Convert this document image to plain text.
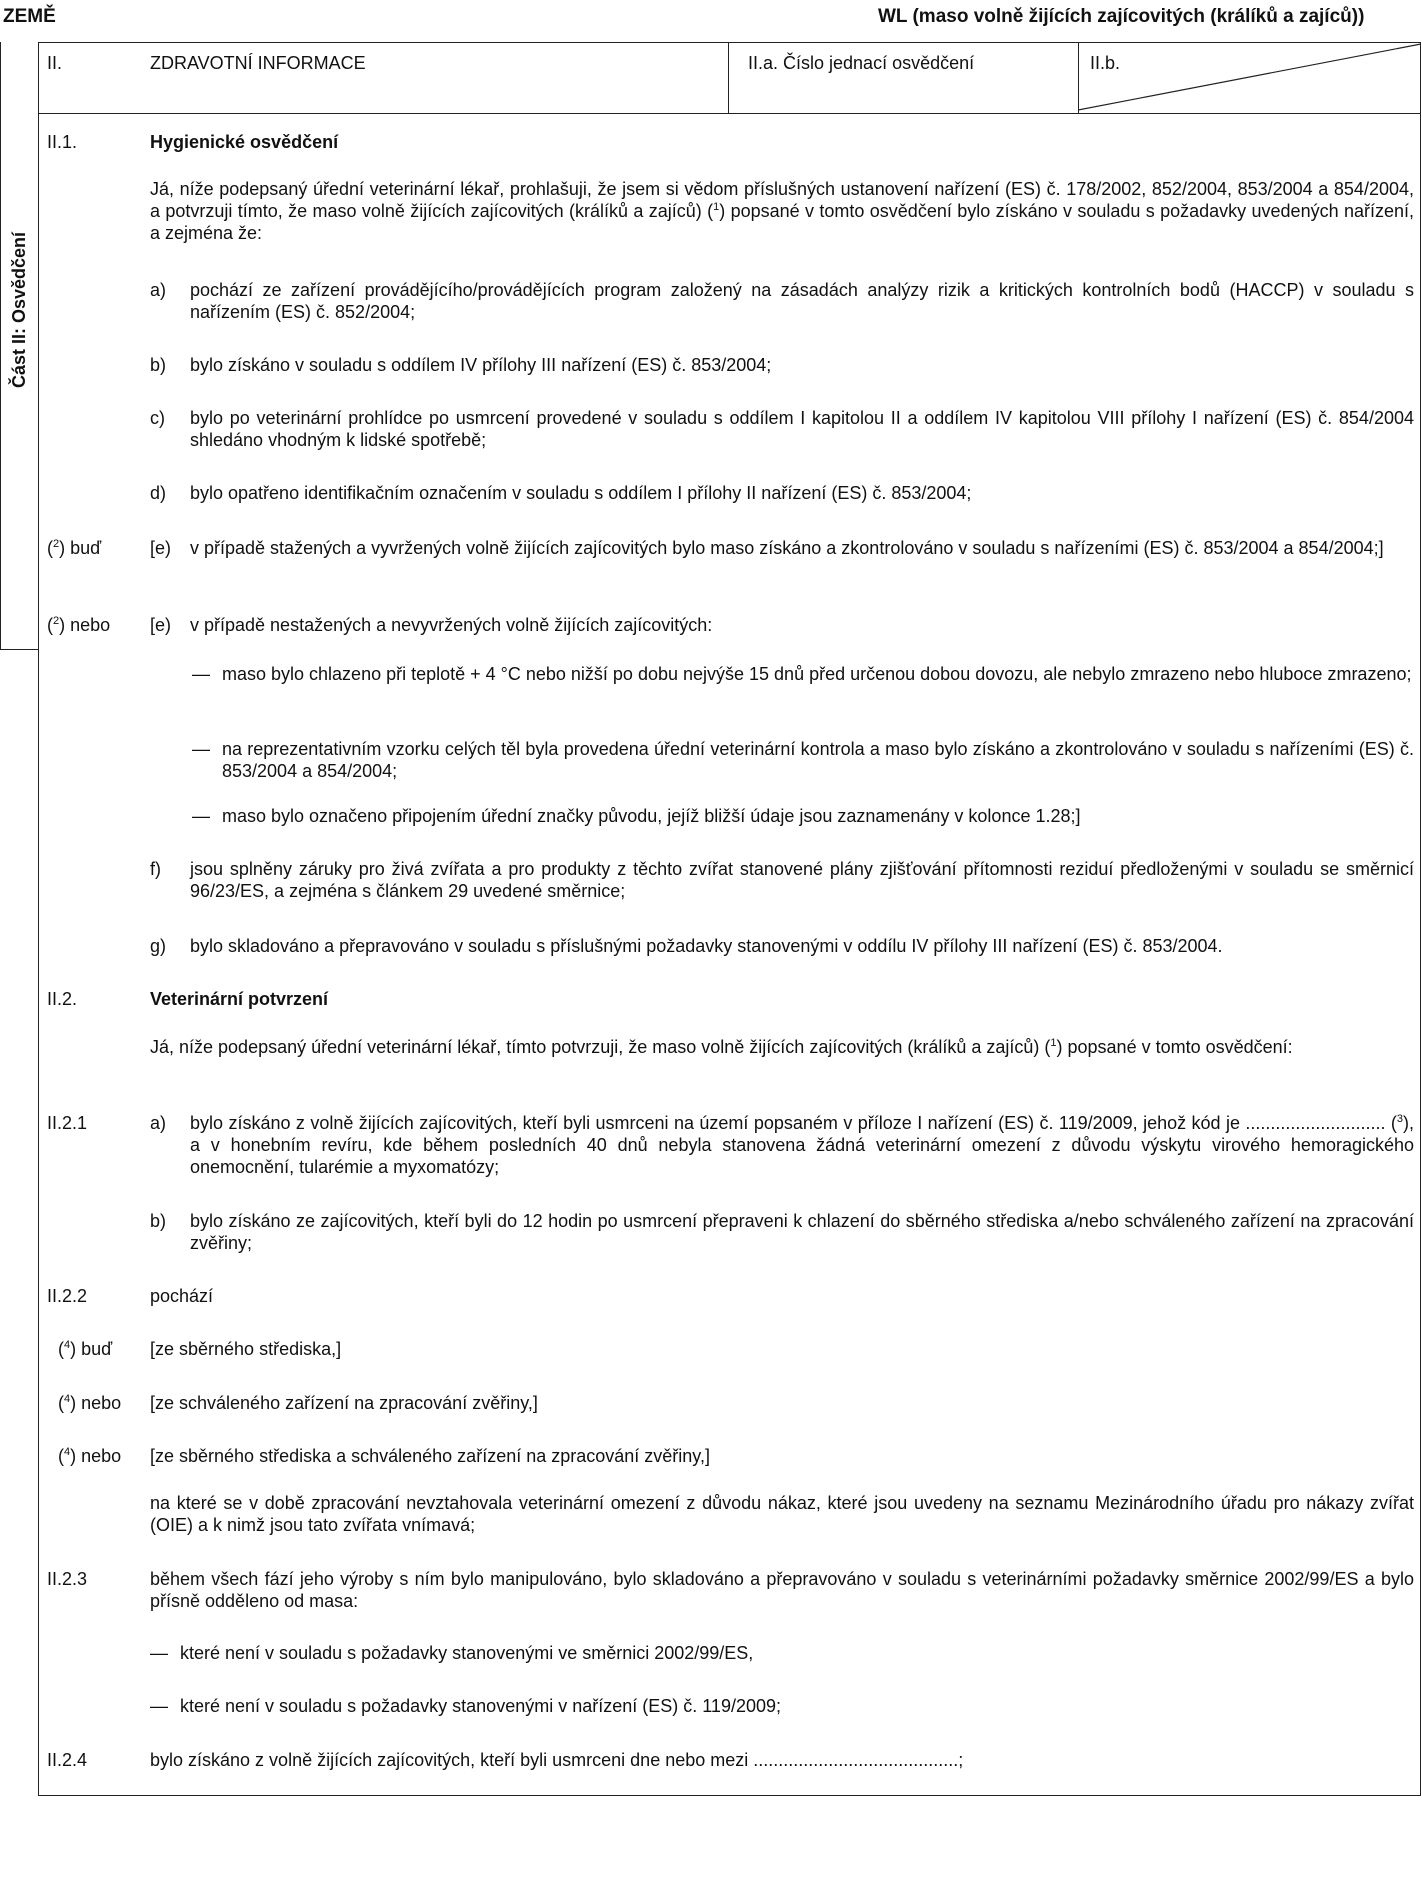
ZEMĚ	WL (maso volně žijících zajícovitých (králíků a zajíců))
Část II: Osvědčení
II.	ZDRAVOTNÍ INFORMACE	II.a. Číslo jednací osvědčení	II.b.
II.1.	Hygienické osvědčení
Já, níže podepsaný úřední veterinární lékař, prohlašuji, že jsem si vědom příslušných ustanovení nařízení (ES) č. 178/2002, 852/2004, 853/2004 a 854/2004, a potvrzuji tímto, že maso volně žijících zajícovitých (králíků a zajíců) ($^1$) popsané v tomto osvědčení bylo získáno v souladu s požadavky uvedených nařízení, a zejména že:
a)	pochází ze zařízení provádějícího/provádějících program založený na zásadách analýzy rizik a kritických kontrolních bodů (HACCP) v souladu s nařízením (ES) č. 852/2004;
b)	bylo získáno v souladu s oddílem IV přílohy III nařízení (ES) č. 853/2004;
c)	bylo po veterinární prohlídce po usmrcení provedené v souladu s oddílem I kapitolou II a oddílem IV kapitolou VIII přílohy I nařízení (ES) č. 854/2004 shledáno vhodným k lidské spotřebě;
d)	bylo opatřeno identifikačním označením v souladu s oddílem I přílohy II nařízení (ES) č. 853/2004;
($^2$) buď	[e)	v případě stažených a vyvržených volně žijících zajícovitých bylo maso získáno a zkontrolováno v souladu s nařízeními (ES) č. 853/2004 a 854/2004;]
($^2$) nebo [e)	v případě nestažených a nevyvržených volně žijících zajícovitých:
— maso bylo chlazeno při teplotě + 4 °C nebo nižší po dobu nejvýše 15 dnů před určenou dobou dovozu, ale nebylo zmrazeno nebo hluboce zmrazeno;
— na reprezentativním vzorku celých těl byla provedena úřední veterinární kontrola a maso bylo získáno a zkontrolováno v souladu s nařízeními (ES) č. 853/2004 a 854/2004;
— maso bylo označeno připojením úřední značky původu, jejíž bližší údaje jsou zaznamenány v kolonce 1.28;]
f)	jsou splněny záruky pro živá zvířata a pro produkty z těchto zvířat stanovené plány zjišťování přítomnosti reziduí předloženými v souladu se směrnicí 96/23/ES, a zejména s článkem 29 uvedené směrnice;
g)	bylo skladováno a přepravováno v souladu s příslušnými požadavky stanovenými v oddílu IV přílohy III nařízení (ES) č. 853/2004.
II.2.	Veterinární potvrzení
Já, níže podepsaný úřední veterinární lékař, tímto potvrzuji, že maso volně žijících zajícovitých (králíků a zajíců) ($^1$) popsané v tomto osvědčení:
II.2.1	a)	bylo získáno z volně žijících zajícovitých, kteří byli usmrceni na území popsaném v příloze I nařízení (ES) č. 119/2009, jehož kód je ............................ ($^3$), a v honebním revíru, kde během posledních 40 dnů nebyla stanovena žádná veterinární omezení z důvodu výskytu virového hemoragického onemocnění, tularémie a myxomatózy;
b)	bylo získáno ze zajícovitých, kteří byli do 12 hodin po usmrcení přepraveni k chlazení do sběrného střediska a/nebo schváleného zařízení na zpracování zvěřiny;
II.2.2	pochází
($^4$) buď [ze sběrného střediska,]
($^4$) nebo [ze schváleného zařízení na zpracování zvěřiny,]
($^4$) nebo [ze sběrného střediska a schváleného zařízení na zpracování zvěřiny,]
na které se v době zpracování nevztahovala veterinární omezení z důvodu nákaz, které jsou uvedeny na seznamu Mezinárodního úřadu pro nákazy zvířat (OIE) a k nimž jsou tato zvířata vnímavá;
II.2.3	během všech fází jeho výroby s ním bylo manipulováno, bylo skladováno a přepravováno v souladu s veterinárními požadavky směrnice 2002/99/ES a bylo přísně odděleno od masa:
— které není v souladu s požadavky stanovenými ve směrnici 2002/99/ES,
— které není v souladu s požadavky stanovenými v nařízení (ES) č. 119/2009;
II.2.4	bylo získáno z volně žijících zajícovitých, kteří byli usmrceni dne nebo mezi .........................................;
